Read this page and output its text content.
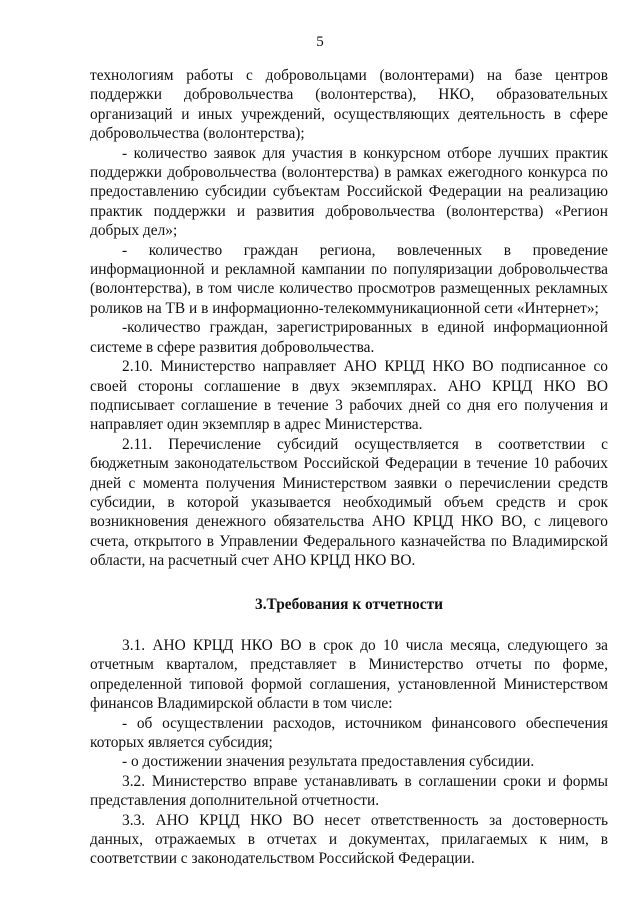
5

технологиям работы с добровольцами (волонтерами) на базе центров поддержки добровольчества (волонтерства), НКО, образовательных организаций и иных учреждений, осуществляющих деятельность в сфере добровольчества (волонтерства);

- количество заявок для участия в конкурсном отборе лучших практик поддержки добровольчества (волонтерства) в рамках ежегодного конкурса по предоставлению субсидии субъектам Российской Федерации на реализацию практик поддержки и развития добровольчества (волонтерства) «Регион добрых дел»;

- количество граждан региона, вовлеченных в проведение информационной и рекламной кампании по популяризации добровольчества (волонтерства), в том числе количество просмотров размещенных рекламных роликов на ТВ и в информационно-телекоммуникационной сети «Интернет»;

-количество граждан, зарегистрированных в единой информационной системе в сфере развития добровольчества.

2.10. Министерство направляет АНО КРЦД НКО ВО подписанное со своей стороны соглашение в двух экземплярах. АНО КРЦД НКО ВО подписывает соглашение в течение 3 рабочих дней со дня его получения и направляет один экземпляр в адрес Министерства.

2.11. Перечисление субсидий осуществляется в соответствии с бюджетным законодательством Российской Федерации в течение 10 рабочих дней с момента получения Министерством заявки о перечислении средств субсидии, в которой указывается необходимый объем средств и срок возникновения денежного обязательства АНО КРЦД НКО ВО, с лицевого счета, открытого в Управлении Федерального казначейства по Владимирской области, на расчетный счет АНО КРЦД НКО ВО.

3.Требования к отчетности

3.1. АНО КРЦД НКО ВО в срок до 10 числа месяца, следующего за отчетным кварталом, представляет в Министерство отчеты по форме, определенной типовой формой соглашения, установленной Министерством финансов Владимирской области в том числе:

- об осуществлении расходов, источником финансового обеспечения которых является субсидия;

- о достижении значения результата предоставления субсидии.

3.2. Министерство вправе устанавливать в соглашении сроки и формы представления дополнительной отчетности.

3.3. АНО КРЦД НКО ВО несет ответственность за достоверность данных, отражаемых в отчетах и документах, прилагаемых к ним, в соответствии с законодательством Российской Федерации.
